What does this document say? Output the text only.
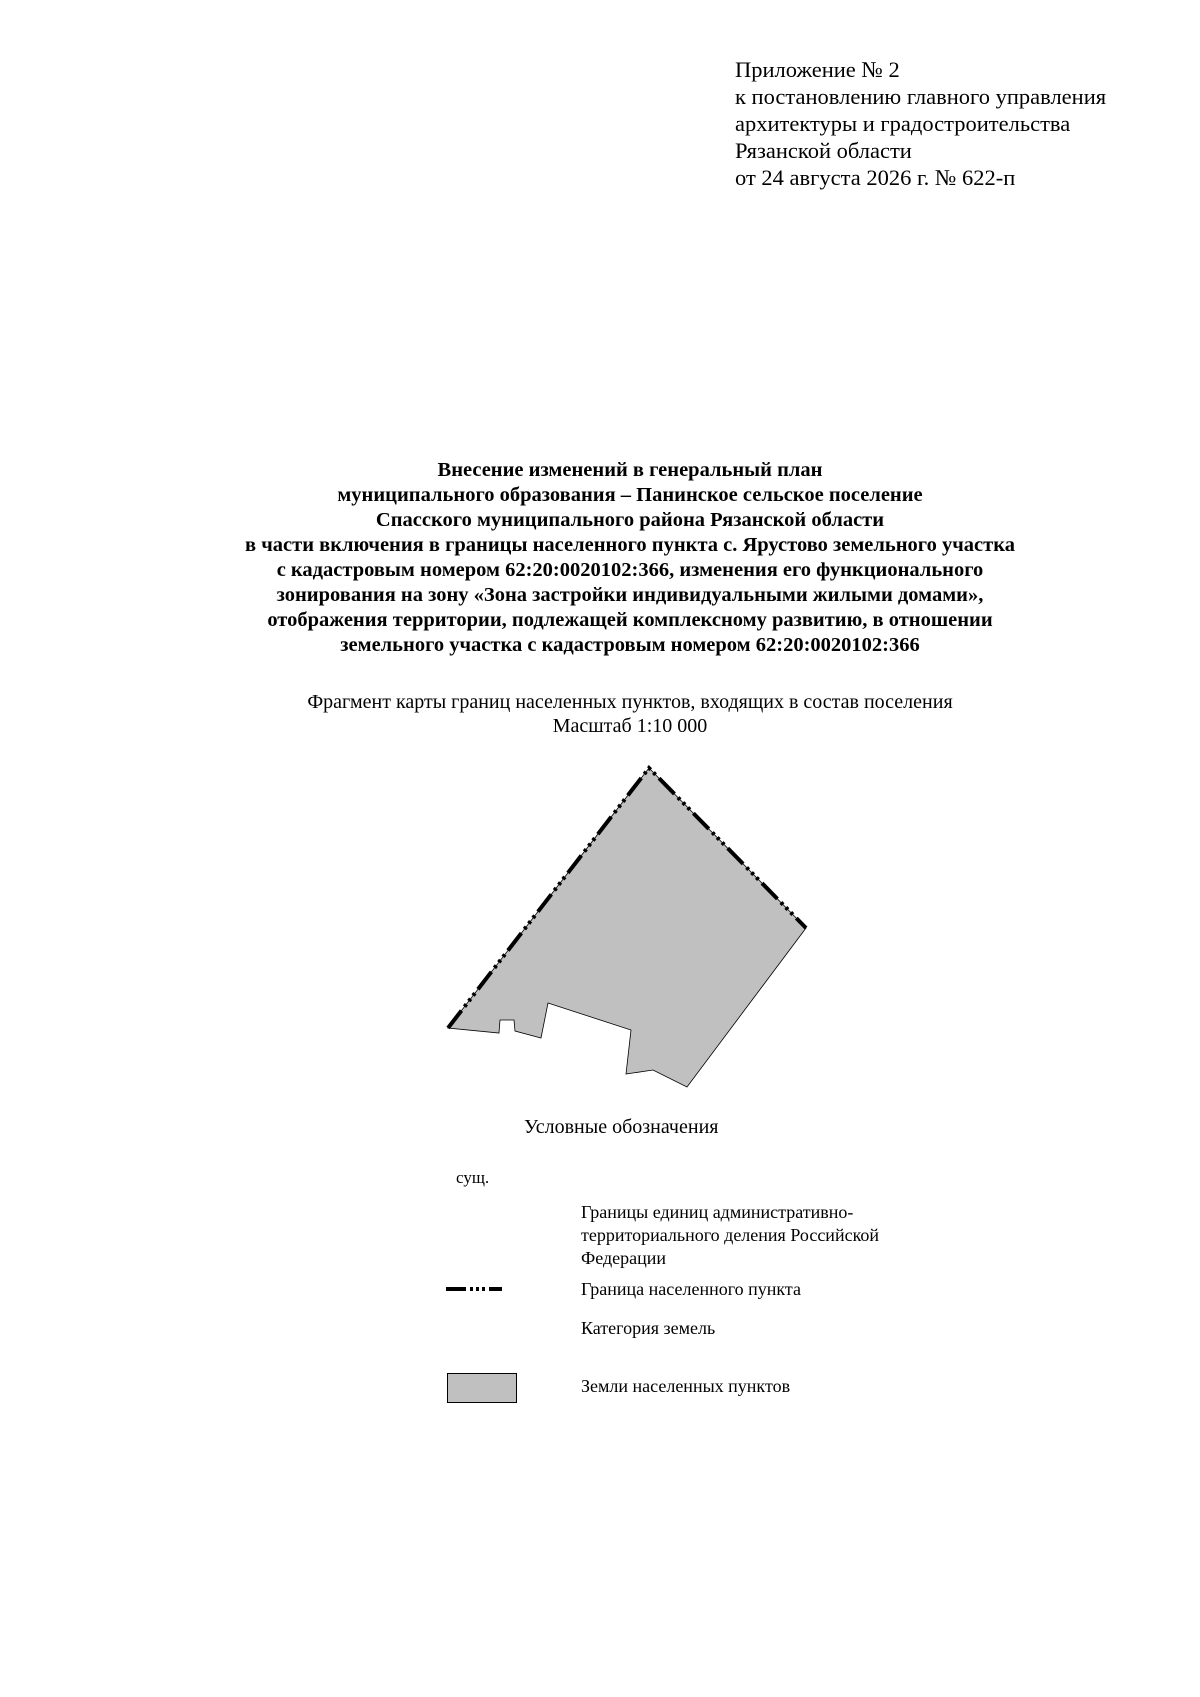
Приложение № 2
к постановлению главного управления
архитектуры и градостроительства
Рязанской области
от 24 августа 2026 г. № 622-п
Внесение изменений в генеральный план
муниципального образования – Панинское сельское поселение
Спасского муниципального района Рязанской области
в части включения в границы населенного пункта с. Ярустово земельного участка
с кадастровым номером 62:20:0020102:366, изменения его функционального
зонирования на зону «Зона застройки индивидуальными жилыми домами»,
отображения территории, подлежащей комплексному развитию, в отношении
земельного участка с кадастровым номером 62:20:0020102:366
Фрагмент карты границ населенных пунктов, входящих в состав поселения
Масштаб 1:10 000
Условные обозначения
сущ.
Границы единиц административно-
территориального деления Российской
Федерации
Граница населенного пункта
Категория земель
Земли населенных пунктов
